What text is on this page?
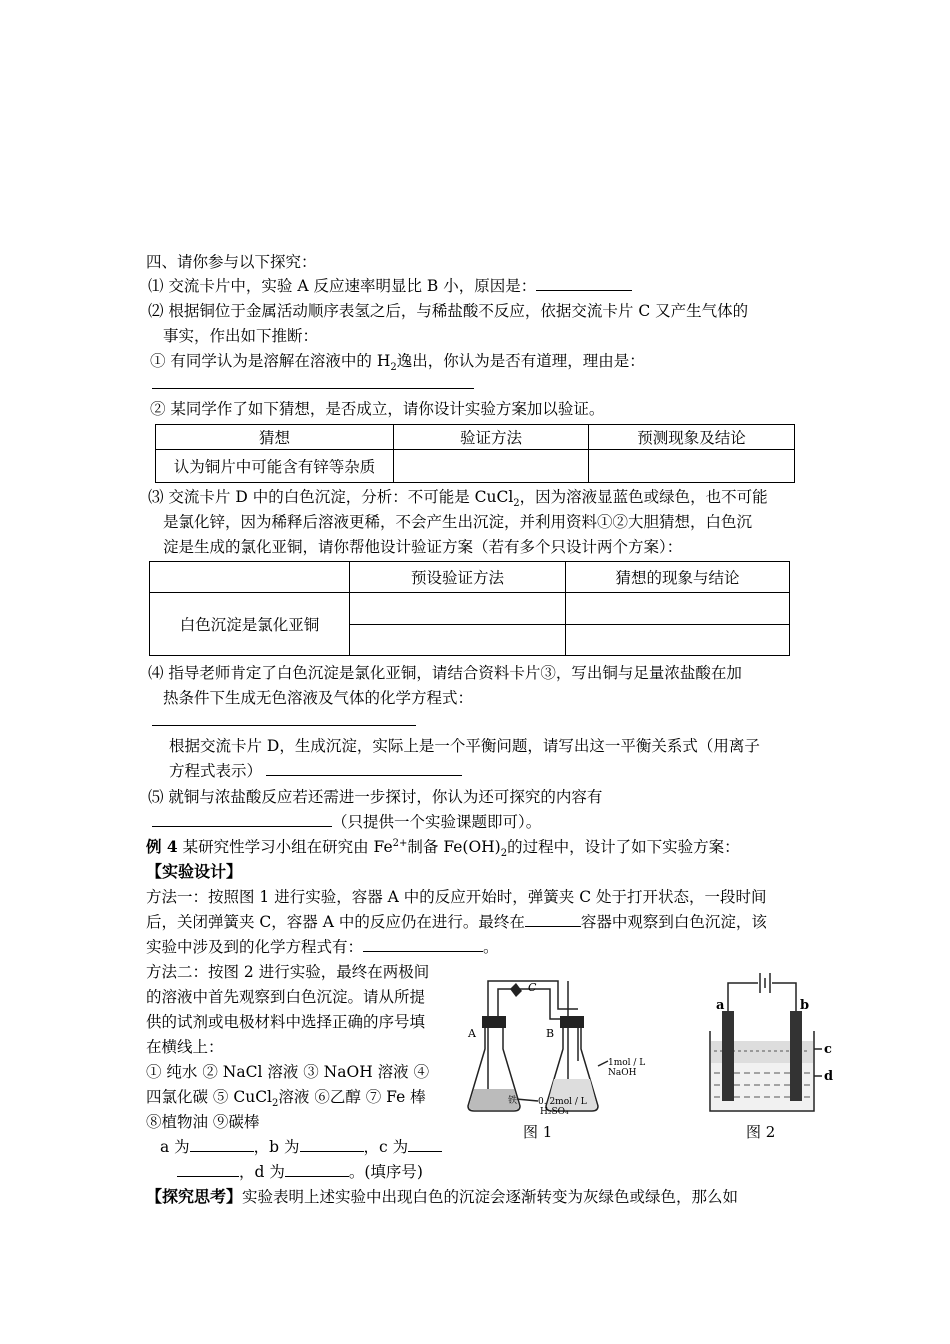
四、请你参与以下探究：
⑴ 交流卡片中，实验 A 反应速率明显比 B 小，原因是：
⑵ 根据铜位于金属活动顺序表氢之后，与稀盐酸不反应，依据交流卡片 C 又产生气体的
事实，作出如下推断：
① 有同学认为是溶解在溶液中的 $H_2$逸出，你认为是否有道理，理由是：
② 某同学作了如下猜想，是否成立，请你设计实验方案加以验证。
猜想	验证方法	预测现象及结论
认为铜片中可能含有锌等杂质		
⑶ 交流卡片 D 中的白色沉淀，分析：不可能是 CuCl$_2$，因为溶液显蓝色或绿色，也不可能
是氯化锌，因为稀释后溶液更稀，不会产生出沉淀，并利用资料①②大胆猜想，白色沉
淀是生成的氯化亚铜，请你帮他设计验证方案（若有多个只设计两个方案）：
	预设验证方法	猜想的现象与结论
白色沉淀是氯化亚铜		

⑷ 指导老师肯定了白色沉淀是氯化亚铜，请结合资料卡片③，写出铜与足量浓盐酸在加
热条件下生成无色溶液及气体的化学方程式：
根据交流卡片 D，生成沉淀，实际上是一个平衡问题，请写出这一平衡关系式（用离子
方程式表示）
⑸ 就铜与浓盐酸反应若还需进一步探讨，你认为还可探究的内容有
（只提供一个实验课题即可）。
例 4 某研究性学习小组在研究由 $Fe^{2+}$制备 $Fe(OH)_2$的过程中，设计了如下实验方案：
【实验设计】
方法一：按照图 1 进行实验，容器 A 中的反应开始时，弹簧夹 C 处于打开状态，一段时间
后，关闭弹簧夹 C，容器 A 中的反应仍在进行。最终在	容器中观察到白色沉淀，该
实验中涉及到的化学方程式有：	。
方法二：按图 2 进行实验，最终在两极间
的溶液中首先观察到白色沉淀。请从所提
供的试剂或电极材料中选择正确的序号填
在横线上：
① 纯水 ② NaCl 溶液 ③ NaOH 溶液 ④
四氯化碳 ⑤ CuCl$_2$溶液 ⑥乙醇 ⑦ Fe 棒
⑧植物油 ⑨碳棒
a 为	，b 为	，c 为
，d 为	。(填序号)
【探究思考】实验表明上述实验中出现白色的沉淀会逐渐转变为灰绿色或绿色，那么如
C
A	B
铁
1mol / L
NaOH
0. 2mol / L
H₂SO₄
图 1
a	b
c
d
图 2
